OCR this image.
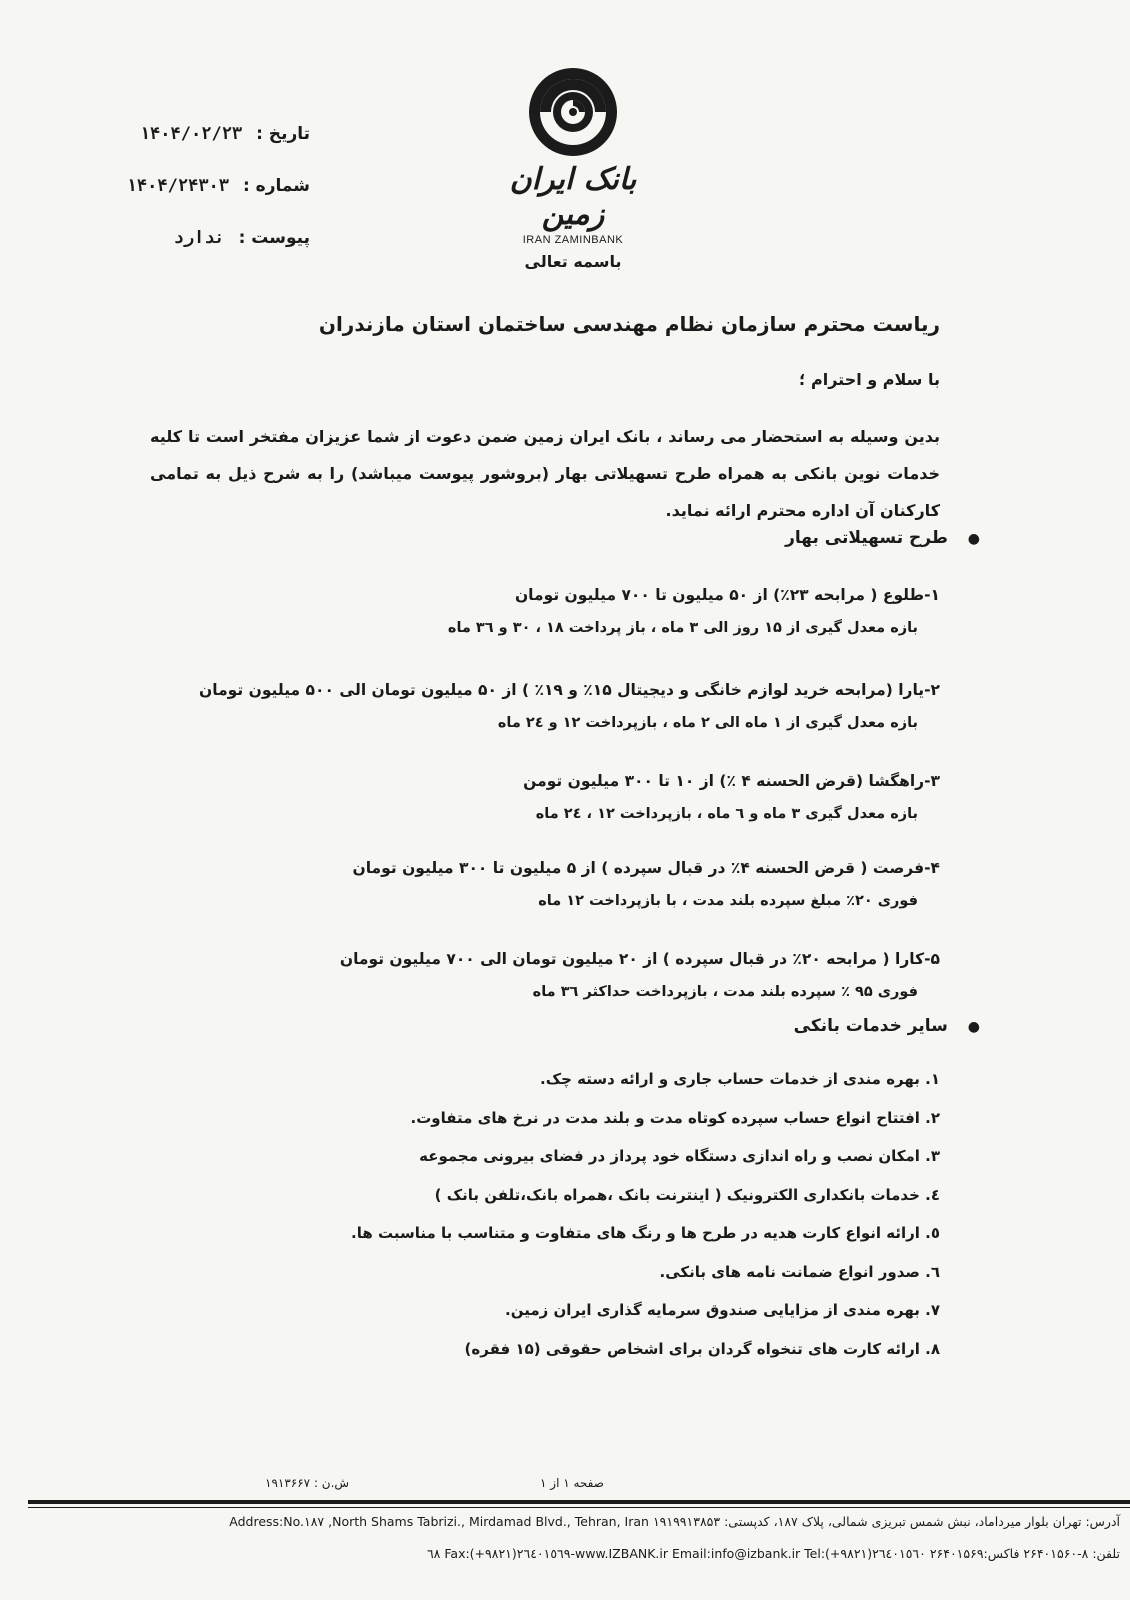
تاریخ : ۱۴۰۴/۰۲/۲۳
شماره : ۱۴۰۴/۲۴۳۰۳
پیوست : ندارد
بانک ایران زمین
IRAN ZAMINBANK
باسمه تعالی
ریاست محترم سازمان نظام مهندسی ساختمان استان مازندران
با سلام و احترام ؛
بدین وسیله به استحضار می رساند ، بانک ایران زمین ضمن دعوت از شما عزیزان مفتخر است تا کلیه خدمات نوین بانکی به همراه طرح تسهیلاتی بهار (بروشور پیوست میباشد) را به شرح ذیل به تمامی کارکنان آن اداره محترم ارائه نماید.
● طرح تسهیلاتی بهار
۱-طلوع ( مرابحه ۲۳٪) از ۵۰ میلیون تا ۷۰۰ میلیون تومان
بازه معدل گیری از ۱۵ روز الی ۳ ماه ، باز پرداخت ۱۸ ، ۳۰ و ۳٦ ماه
۲-یارا (مرابحه خرید لوازم خانگی و دیجیتال ۱۵٪ و ۱۹٪ ) از ۵۰ میلیون تومان الی ۵۰۰ میلیون تومان
بازه معدل گیری از ۱ ماه الی ۲ ماه ، بازپرداخت ۱۲ و ۲٤ ماه
۳-راهگشا (قرض الحسنه ۴ ٪) از ۱۰ تا ۳۰۰ میلیون تومن
بازه معدل گیری ۳ ماه و ٦ ماه ، بازپرداخت ۱۲ ، ۲٤ ماه
۴-فرصت ( قرض الحسنه ۴٪ در قبال سپرده ) از ۵ میلیون تا ۳۰۰ میلیون تومان
فوری ۲۰٪ مبلغ سپرده بلند مدت ، با بازپرداخت ۱۲ ماه
۵-کارا ( مرابحه ۲۰٪ در قبال سپرده ) از ۲۰ میلیون تومان الی ۷۰۰ میلیون تومان
فوری ۹۵ ٪ سپرده بلند مدت ، بازپرداخت حداکثر ۳٦ ماه
● سایر خدمات بانکی
۱. بهره مندی از خدمات حساب جاری و ارائه دسته چک.
۲. افتتاح انواع حساب سپرده کوتاه مدت و بلند مدت در نرخ های متفاوت.
۳. امکان نصب و راه اندازی دستگاه خود پرداز در فضای بیرونی مجموعه
٤. خدمات بانکداری الکترونیک ( اینترنت بانک ،همراه بانک،تلفن بانک )
٥. ارائه انواع کارت هدیه در طرح ها و رنگ های متفاوت و متناسب با مناسبت ها.
٦. صدور انواع ضمانت نامه های بانکی.
٧. بهره مندی از مزایایی صندوق سرمایه گذاری ایران زمین.
٨. ارائه کارت های تنخواه گردان برای اشخاص حقوقی (۱۵ فقره)
صفحه ۱ از ۱
ش.ن : ۱۹۱۳۶۶۷
آدرس: تهران بلوار میرداماد، نبش شمس تبریزی شمالی، پلاک ۱۸۷، کدپستی: ۱۹۱۹۹۱۳۸۵۳ Address:No.۱۸۷ ,North Shams Tabrizi., Mirdamad Blvd., Tehran, Iran
تلفن: ۸-۲۶۴۰۱۵۶۰ فاکس:۲۶۴۰۱۵۶۹ www.IZBANK.ir Email:info@izbank.ir Tel:(+۹۸۲۱)۲٦٤۰۱٥٦۰-٦۸ Fax:(+۹۸۲۱)۲٦٤۰۱٥٦۹
